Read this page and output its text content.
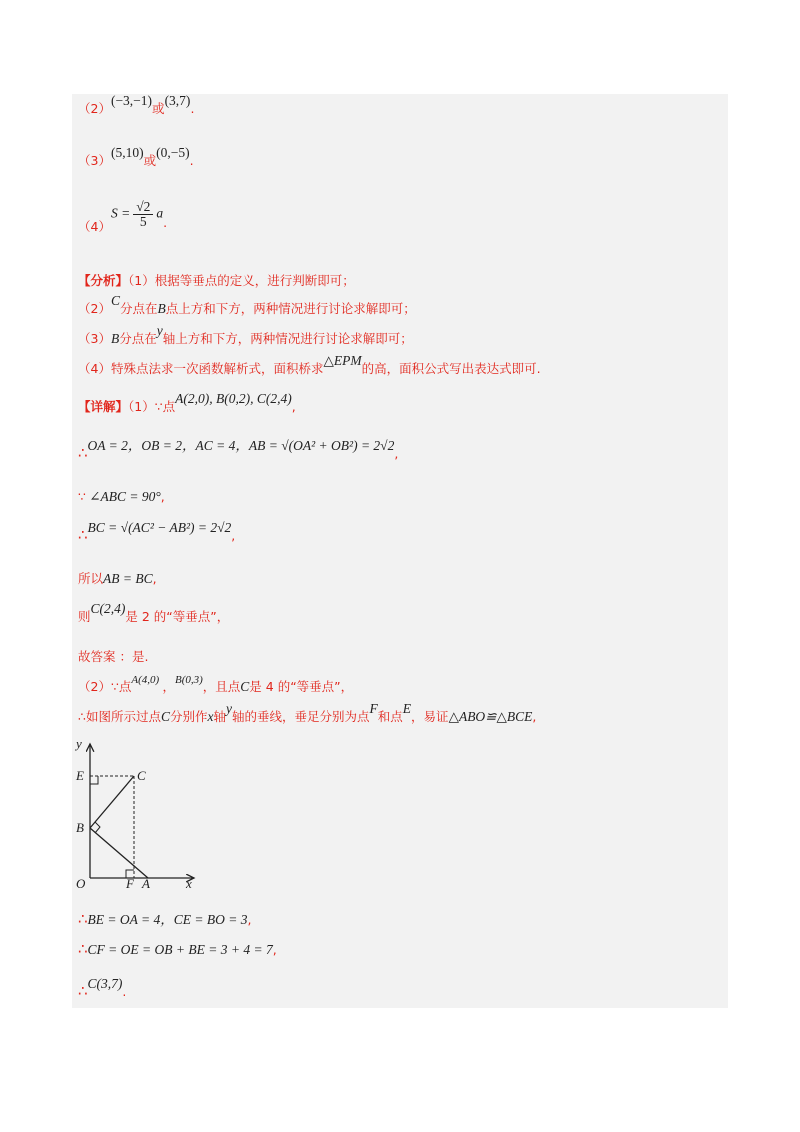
（2）(−3,−1)或(3,7).
（3）(5,10)或(0,−5).
$(4)S = \frac{√2}{5} a$.
【分析】（1）根据等垂点的定义，进行判断即可；
（2）C分点在B点上方和下方，两种情况进行讨论求解即可；
（3）B分点在y轴上方和下方，两种情况进行讨论求解即可；
（4）特殊点法求一次函数解析式，面积桥求△EPM的高，面积公式写出表达式即可.
【详解】（1）∵点A(2,0), B(0,2), C(2,4),
∴OA = 2，OB = 2，AC = 4，AB = √(OA² + OB²) = 2√2,
∵ ∠ABC = 90°,
∴BC = √(AC² − AB²) = 2√2,
所以AB = BC,
则C(2,4)是 2 的“等垂点”，
故答案 ：是.
（2）∵点$^{A(4,0)}$ ，$^{B(0,3)}$，且点C是 4 的“等垂点”，
∴如图所示过点C分别作x轴y轴的垂线，垂足分别为点F和点E，易证△ABO≌△BCE,
y
E	C
B
O	F A	x
∴BE = OA = 4，CE = BO = 3,
∴CF = OE = OB + BE = 3 + 4 = 7,
∴C(3,7).
